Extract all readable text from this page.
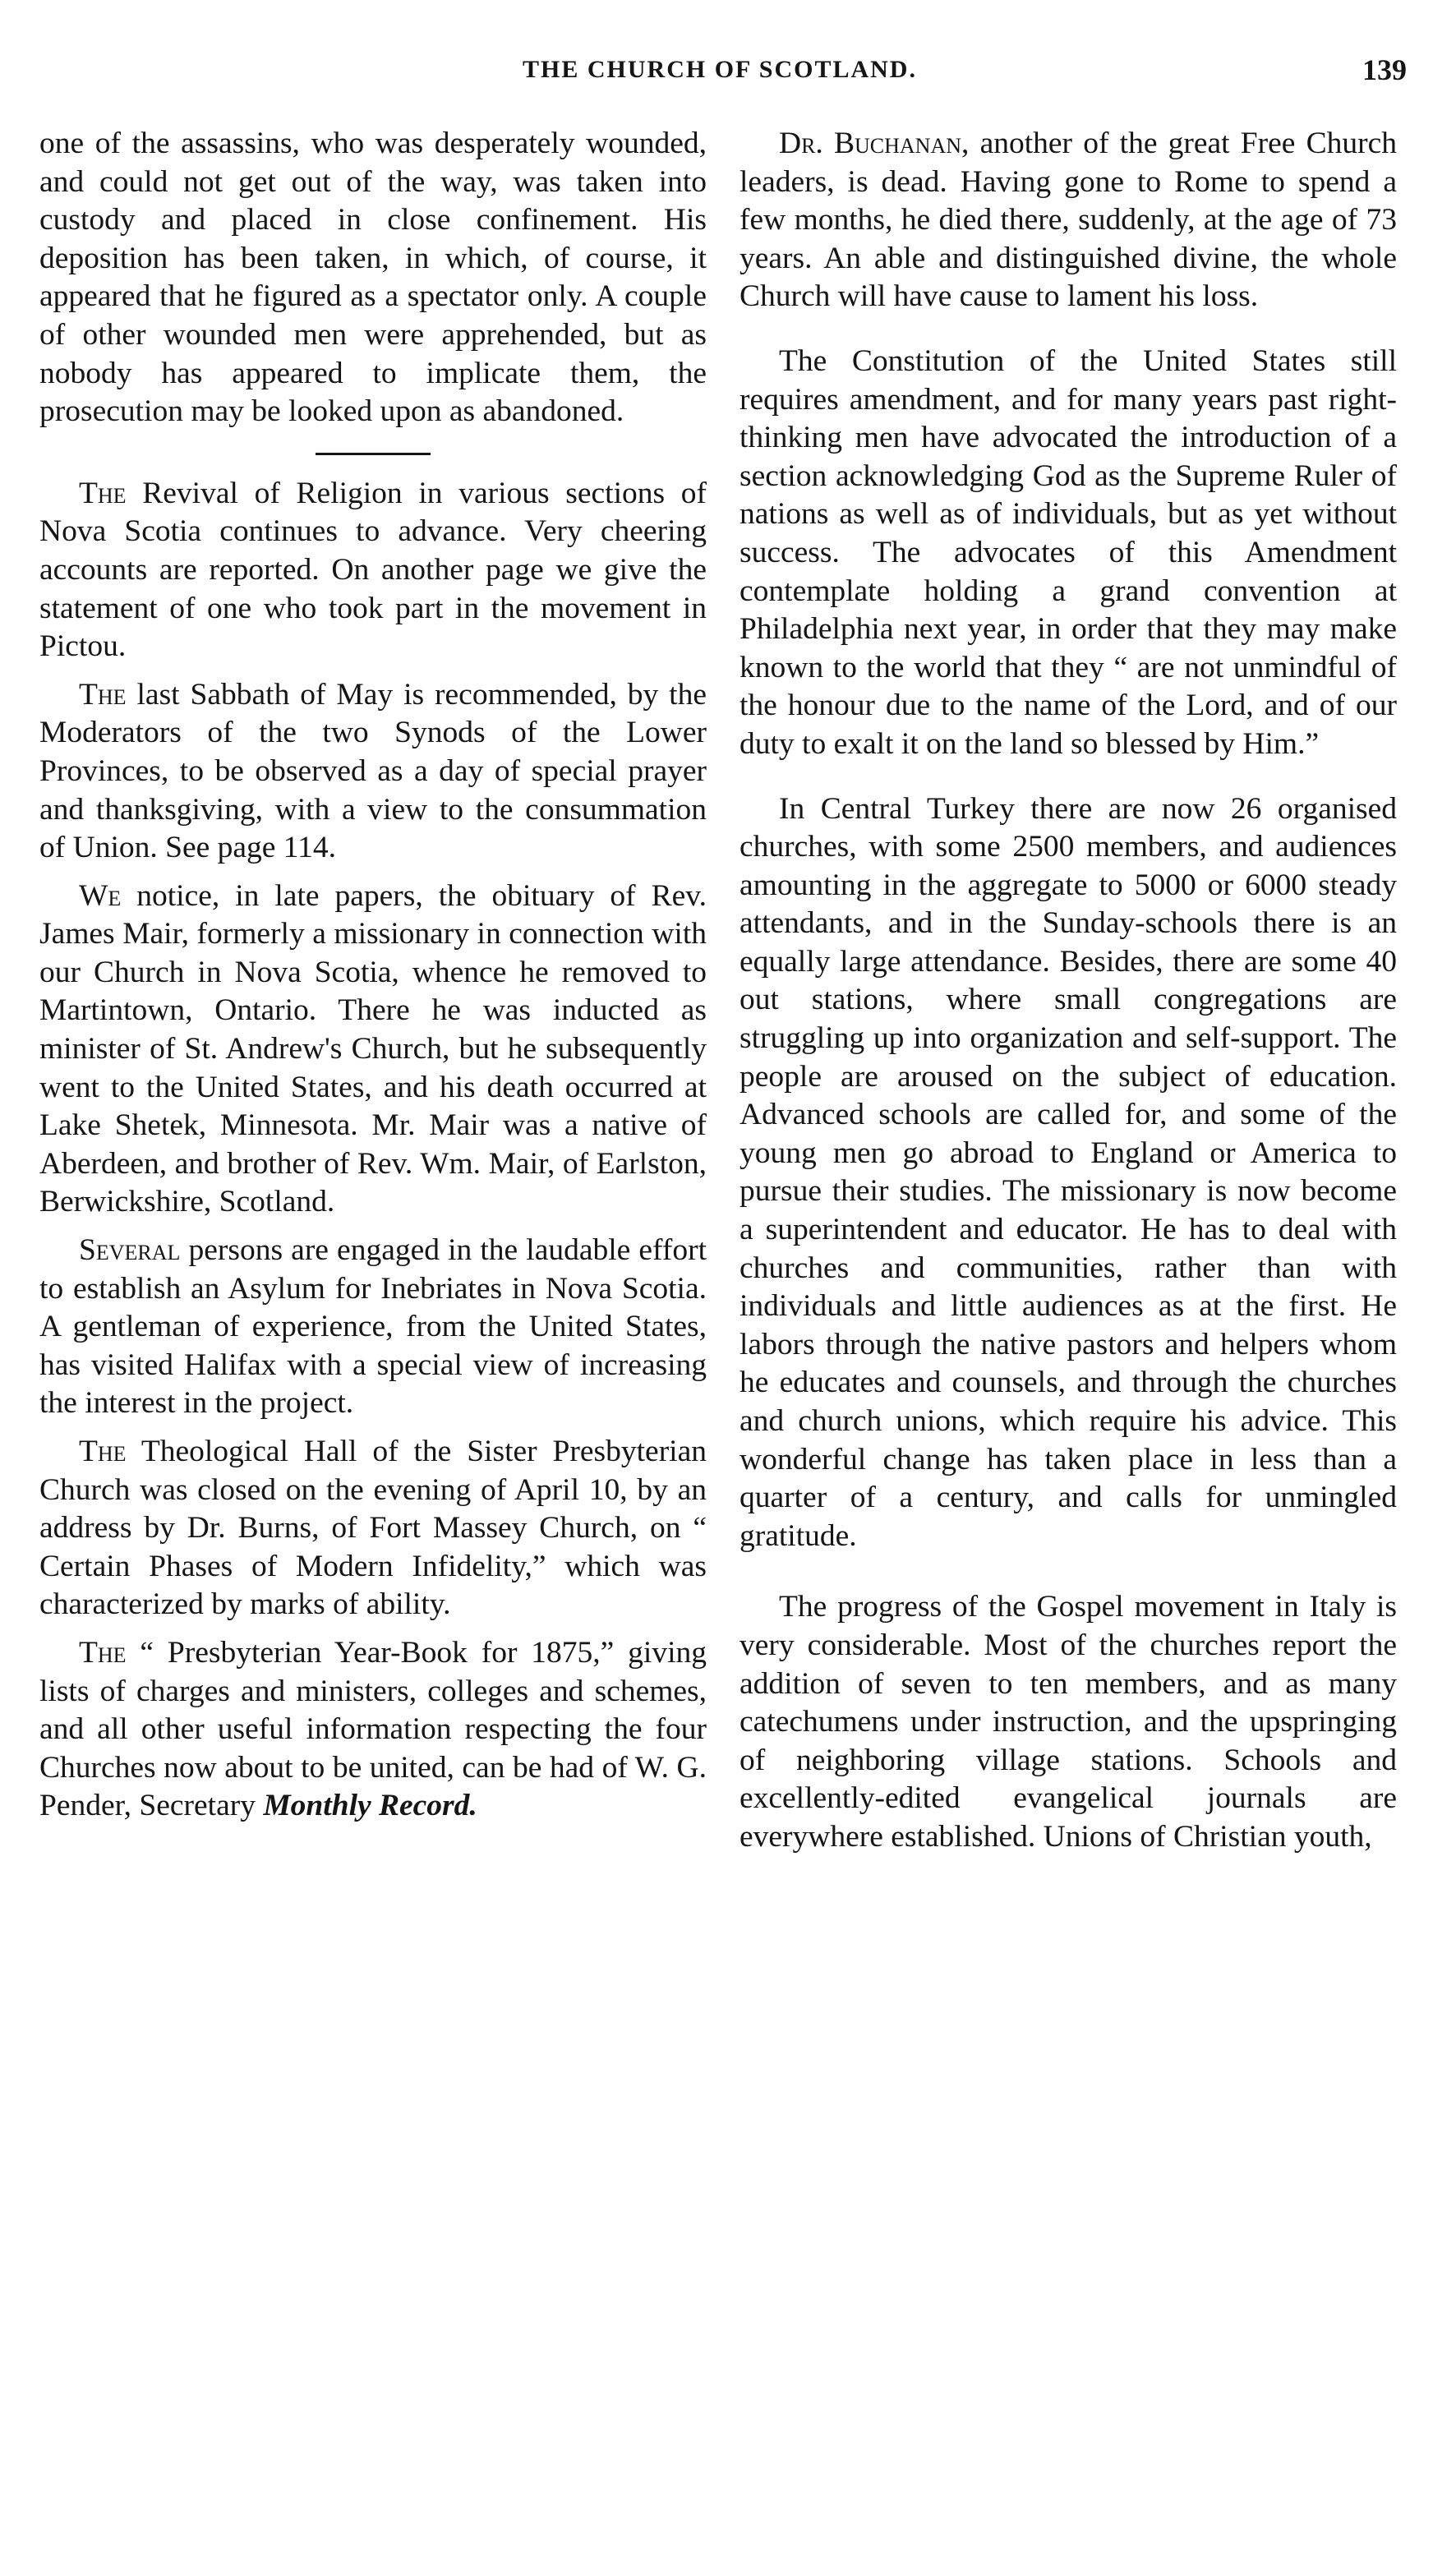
THE CHURCH OF SCOTLAND.	139

one of the assassins, who was desperately wounded, and could not get out of the way, was taken into custody and placed in close confinement. His deposition has been taken, in which, of course, it appeared that he figured as a spectator only. A couple of other wounded men were apprehended, but as nobody has appeared to implicate them, the prosecution may be looked upon as abandoned.

The Revival of Religion in various sections of Nova Scotia continues to advance. Very cheering accounts are reported. On another page we give the statement of one who took part in the movement in Pictou.

The last Sabbath of May is recommended, by the Moderators of the two Synods of the Lower Provinces, to be observed as a day of special prayer and thanksgiving, with a view to the consummation of Union. See page 114.

We notice, in late papers, the obituary of Rev. James Mair, formerly a missionary in connection with our Church in Nova Scotia, whence he removed to Martintown, Ontario. There he was inducted as minister of St. Andrew's Church, but he subsequently went to the United States, and his death occurred at Lake Shetek, Minnesota. Mr. Mair was a native of Aberdeen, and brother of Rev. Wm. Mair, of Earlston, Berwickshire, Scotland.

Several persons are engaged in the laudable effort to establish an Asylum for Inebriates in Nova Scotia. A gentleman of experience, from the United States, has visited Halifax with a special view of increasing the interest in the project.

The Theological Hall of the Sister Presbyterian Church was closed on the evening of April 10, by an address by Dr. Burns, of Fort Massey Church, on “ Certain Phases of Modern Infidelity,” which was characterized by marks of ability.

The “ Presbyterian Year-Book for 1875,” giving lists of charges and ministers, colleges and schemes, and all other useful information respecting the four Churches now about to be united, can be had of W. G. Pender, Secretary Monthly Record.

Dr. Buchanan, another of the great Free Church leaders, is dead. Having gone to Rome to spend a few months, he died there, suddenly, at the age of 73 years. An able and distinguished divine, the whole Church will have cause to lament his loss.

The Constitution of the United States still requires amendment, and for many years past right-thinking men have advocated the introduction of a section acknowledging God as the Supreme Ruler of nations as well as of individuals, but as yet without success. The advocates of this Amendment contemplate holding a grand convention at Philadelphia next year, in order that they may make known to the world that they “ are not unmindful of the honour due to the name of the Lord, and of our duty to exalt it on the land so blessed by Him.”

In Central Turkey there are now 26 organised churches, with some 2500 members, and audiences amounting in the aggregate to 5000 or 6000 steady attendants, and in the Sunday-schools there is an equally large attendance. Besides, there are some 40 out stations, where small congregations are struggling up into organization and self-support. The people are aroused on the subject of education. Advanced schools are called for, and some of the young men go abroad to England or America to pursue their studies. The missionary is now become a superintendent and educator. He has to deal with churches and communities, rather than with individuals and little audiences as at the first. He labors through the native pastors and helpers whom he educates and counsels, and through the churches and church unions, which require his advice. This wonderful change has taken place in less than a quarter of a century, and calls for unmingled gratitude.

The progress of the Gospel movement in Italy is very considerable. Most of the churches report the addition of seven to ten members, and as many catechumens under instruction, and the upspringing of neighboring village stations. Schools and excellently-edited evangelical journals are everywhere established. Unions of Christian youth,
